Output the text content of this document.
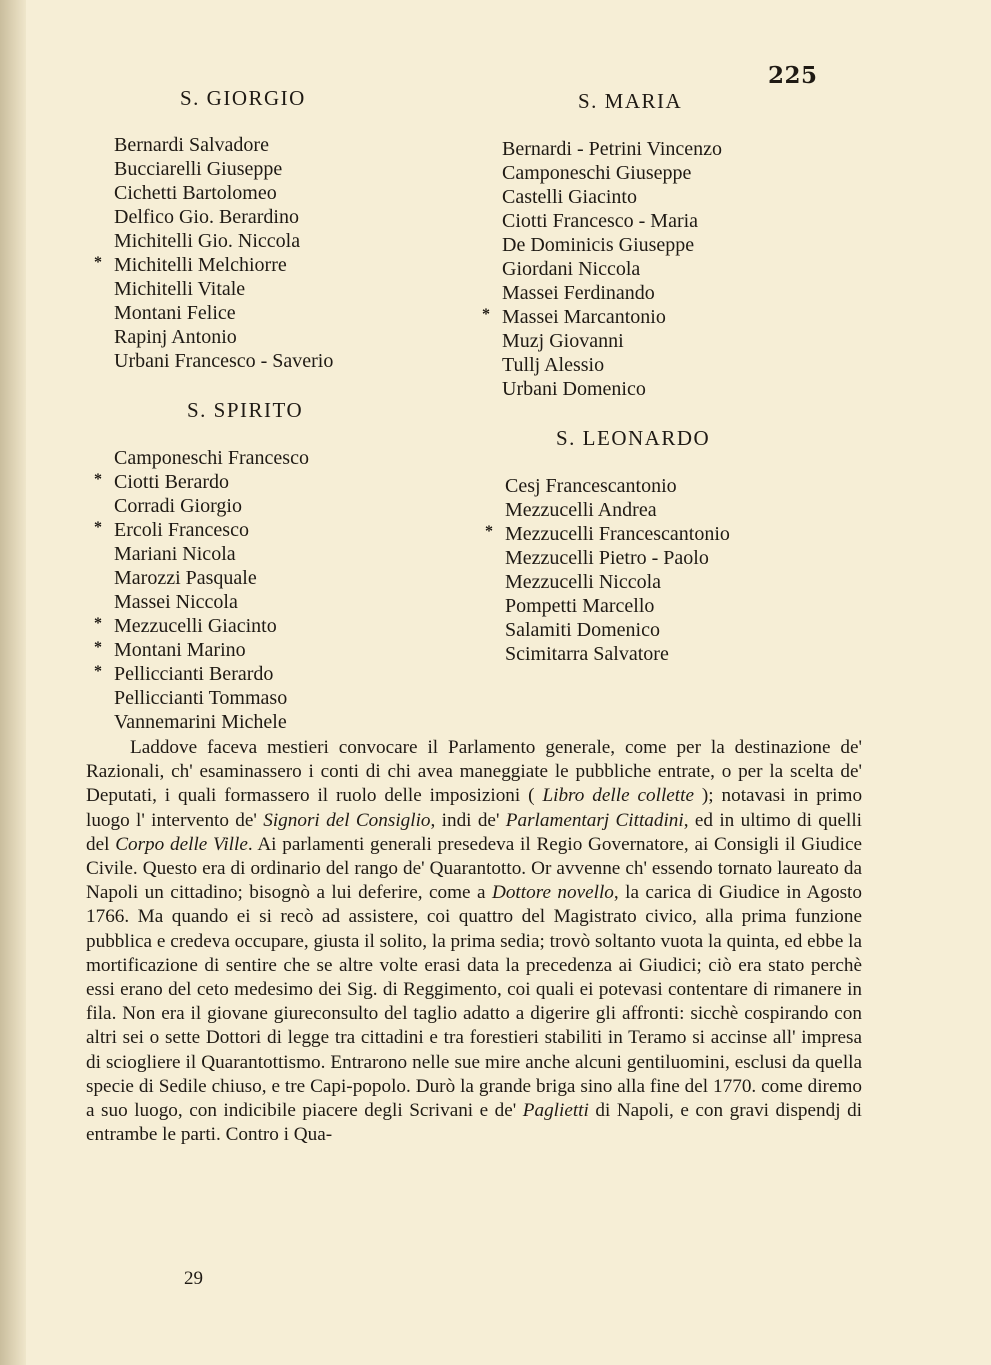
225
S. GIORGIO
Bernardi Salvadore
Bucciarelli Giuseppe
Cichetti Bartolomeo
Delfico Gio. Berardino
Michitelli Gio. Niccola
* Michitelli Melchiorre
Michitelli Vitale
Montani Felice
Rapinj Antonio
Urbani Francesco - Saverio
S. SPIRITO
Camponeschi Francesco
* Ciotti Berardo
Corradi Giorgio
* Ercoli Francesco
Mariani Nicola
Marozzi Pasquale
Massei Niccola
* Mezzucelli Giacinto
* Montani Marino
* Pelliccianti Berardo
Pelliccianti Tommaso
Vannemarini Michele
S. MARIA
Bernardi - Petrini Vincenzo
Camponeschi Giuseppe
Castelli Giacinto
Ciotti Francesco - Maria
De Dominicis Giuseppe
Giordani Niccola
Massei Ferdinando
* Massei Marcantonio
Muzj Giovanni
Tullj Alessio
Urbani Domenico
S. LEONARDO
Cesj Francescantonio
Mezzucelli Andrea
* Mezzucelli Francescantonio
Mezzucelli Pietro - Paolo
Mezzucelli Niccola
Pompetti Marcello
Salamiti Domenico
Scimitarra Salvatore

Laddove faceva mestieri convocare il Parlamento generale, come per la destinazione de' Razionali, ch' esaminassero i conti di chi avea maneggiate le pubbliche entrate, o per la scelta de' Deputati, i quali formassero il ruolo delle imposizioni ( Libro delle collette ); notavasi in primo luogo l' intervento de' Signori del Consiglio, indi de' Parlamentarj Cittadini, ed in ultimo di quelli del Corpo delle Ville. Ai parlamenti generali presedeva il Regio Governatore, ai Consigli il Giudice Civile. Questo era di ordinario del rango de' Quarantotto. Or avvenne ch' essendo tornato laureato da Napoli un cittadino; bisognò a lui deferire, come a Dottore novello, la carica di Giudice in Agosto 1766. Ma quando ei si recò ad assistere, coi quattro del Magistrato civico, alla prima funzione pubblica e credeva occupare, giusta il solito, la prima sedia; trovò soltanto vuota la quinta, ed ebbe la mortificazione di sentire che se altre volte erasi data la precedenza ai Giudici; ciò era stato perchè essi erano del ceto medesimo dei Sig. di Reggimento, coi quali ei potevasi contentare di rimanere in fila. Non era il giovane giureconsulto del taglio adatto a digerire gli affronti: sicchè cospirando con altri sei o sette Dottori di legge tra cittadini e tra forestieri stabiliti in Teramo si accinse all' impresa di sciogliere il Quarantottismo. Entrarono nelle sue mire anche alcuni gentiluomini, esclusi da quella specie di Sedile chiuso, e tre Capi-popolo. Durò la grande briga sino alla fine del 1770. come diremo a suo luogo, con indicibile piacere degli Scrivani e de' Paglietti di Napoli, e con gravi dispendj di entrambe le parti. Contro i Qua-

29
